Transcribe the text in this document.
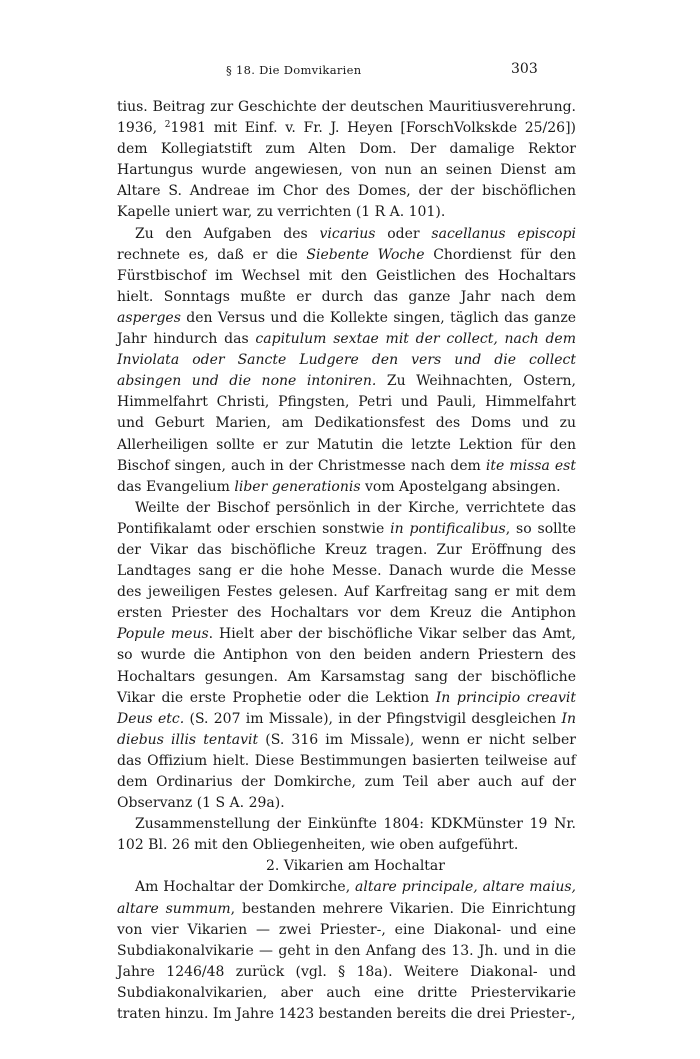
§ 18. Die Domvikarien	303

tius. Beitrag zur Geschichte der deutschen Mauritiusverehrung. 1936, $^2$1981 mit Einf. v. Fr. J. Heyen [ForschVolkskde 25/26]) dem Kollegiatstift zum Alten Dom. Der damalige Rektor Hartungus wurde angewiesen, von nun an seinen Dienst am Altare S. Andreae im Chor des Domes, der der bischöflichen Kapelle uniert war, zu verrichten (1 R A. 101).

Zu den Aufgaben des vicarius oder sacellanus episcopi rechnete es, daß er die Siebente Woche Chordienst für den Fürstbischof im Wechsel mit den Geistlichen des Hochaltars hielt. Sonntags mußte er durch das ganze Jahr nach dem asperges den Versus und die Kollekte singen, täglich das ganze Jahr hindurch das capitulum sextae mit der collect, nach dem Inviolata oder Sancte Ludgere den vers und die collect absingen und die none intoniren. Zu Weihnachten, Ostern, Himmelfahrt Christi, Pfingsten, Petri und Pauli, Himmelfahrt und Geburt Marien, am Dedikationsfest des Doms und zu Allerheiligen sollte er zur Matutin die letzte Lektion für den Bischof singen, auch in der Christmesse nach dem ite missa est das Evangelium liber generationis vom Apostelgang absingen.

Weilte der Bischof persönlich in der Kirche, verrichtete das Pontifikalamt oder erschien sonstwie in pontificalibus, so sollte der Vikar das bischöfliche Kreuz tragen. Zur Eröffnung des Landtages sang er die hohe Messe. Danach wurde die Messe des jeweiligen Festes gelesen. Auf Karfreitag sang er mit dem ersten Priester des Hochaltars vor dem Kreuz die Antiphon Popule meus. Hielt aber der bischöfliche Vikar selber das Amt, so wurde die Antiphon von den beiden andern Priestern des Hochaltars gesungen. Am Karsamstag sang der bischöfliche Vikar die erste Prophetie oder die Lektion In principio creavit Deus etc. (S. 207 im Missale), in der Pfingstvigil desgleichen In diebus illis tentavit (S. 316 im Missale), wenn er nicht selber das Offizium hielt. Diese Bestimmungen basierten teilweise auf dem Ordinarius der Domkirche, zum Teil aber auch auf der Observanz (1 S A. 29a).

Zusammenstellung der Einkünfte 1804: KDKMünster 19 Nr. 102 Bl. 26 mit den Obliegenheiten, wie oben aufgeführt.

2. Vikarien am Hochaltar

Am Hochaltar der Domkirche, altare principale, altare maius, altare summum, bestanden mehrere Vikarien. Die Einrichtung von vier Vikarien — zwei Priester-, eine Diakonal- und eine Subdiakonalvikarie — geht in den Anfang des 13. Jh. und in die Jahre 1246/48 zurück (vgl. § 18a). Weitere Diakonal- und Subdiakonalvikarien, aber auch eine dritte Priestervikarie traten hinzu. Im Jahre 1423 bestanden bereits die drei Priester-,
